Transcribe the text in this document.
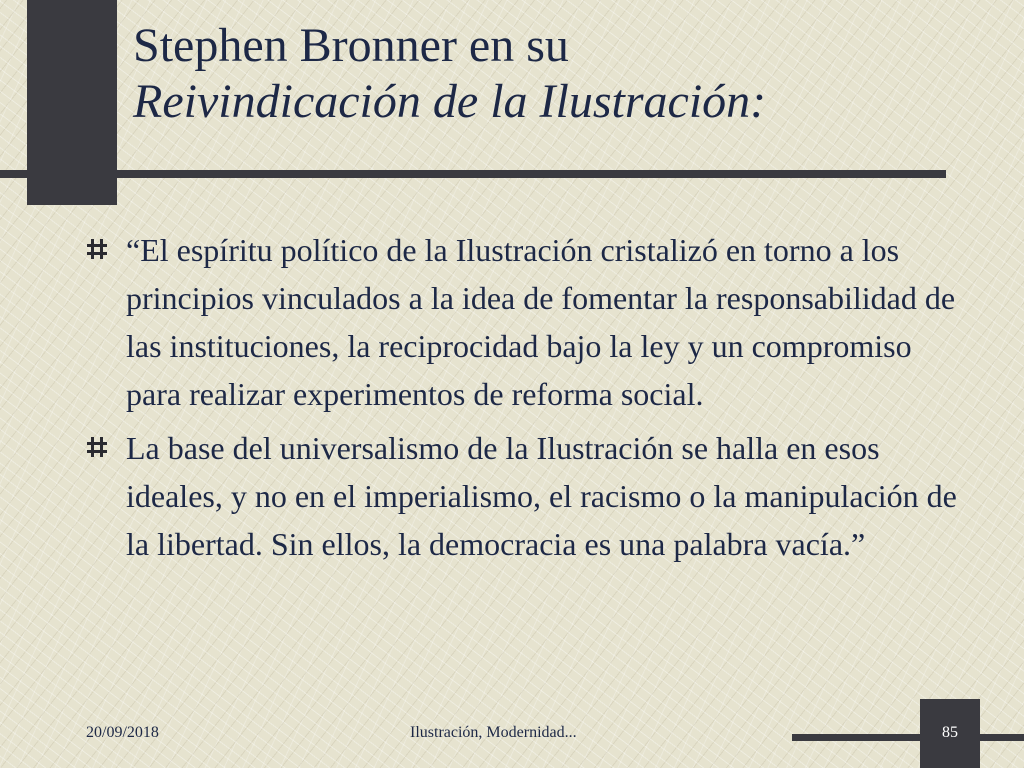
Stephen Bronner en su
Reivindicación de la Ilustración:
“El espíritu político de la Ilustración cristalizó en torno a los principios vinculados a la idea de fomentar la responsabilidad de las instituciones, la reciprocidad bajo la ley y un compromiso para realizar experimentos de reforma social.
La base del universalismo de la Ilustración se halla en esos ideales, y no en el imperialismo, el racismo o la manipulación de la libertad. Sin ellos, la democracia es una palabra vacía.”
20/09/2018	Ilustración, Modernidad...	85
